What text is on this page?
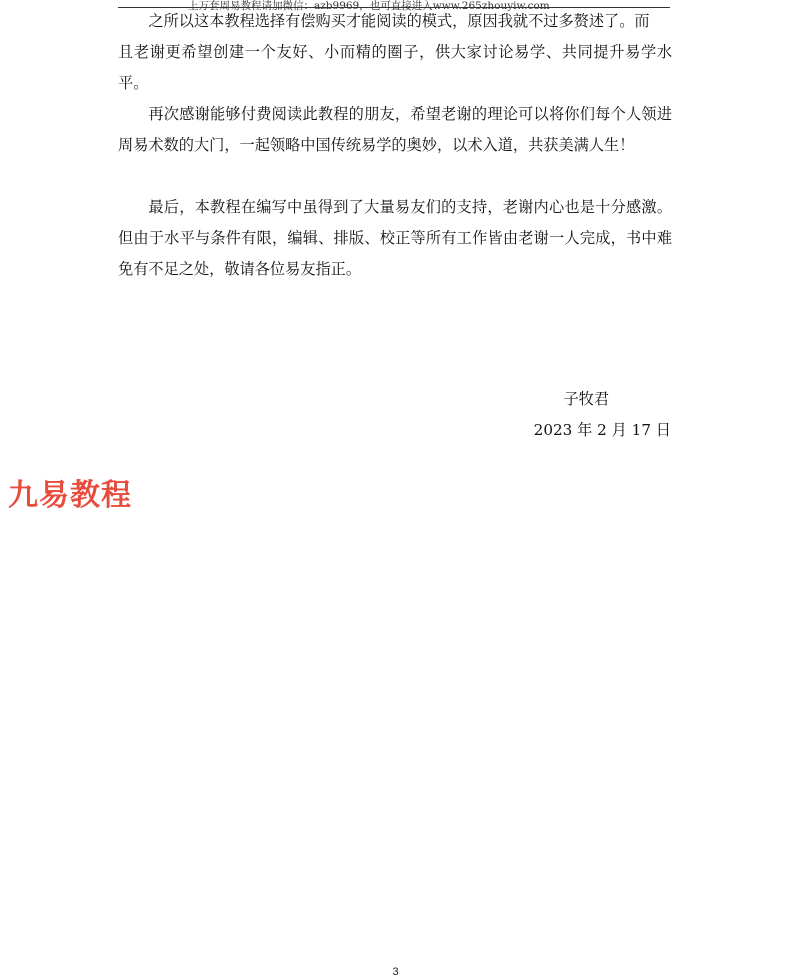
上万套周易教程请加微信：azb9969，也可直接进入www.265zhouyiw.com

之所以这本教程选择有偿购买才能阅读的模式，原因我就不过多赘述了。而

且老谢更希望创建一个友好、小而精的圈子，供大家讨论易学、共同提升易学水平。

再次感谢能够付费阅读此教程的朋友，希望老谢的理论可以将你们每个人领进周易术数的大门，一起领略中国传统易学的奥妙，以术入道，共获美满人生！

最后，本教程在编写中虽得到了大量易友们的支持，老谢内心也是十分感激。但由于水平与条件有限，编辑、排版、校正等所有工作皆由老谢一人完成，书中难免有不足之处，敬请各位易友指正。

子牧君
2023 年 2 月 17 日
九易教程
3
